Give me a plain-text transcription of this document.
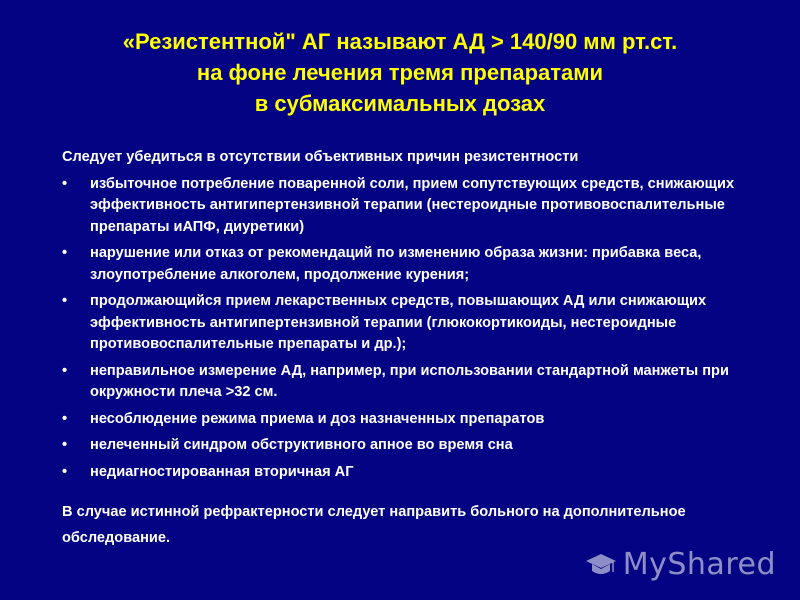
«Резистентной" АГ называют АД > 140/90 мм рт.ст.
на фоне лечения тремя препаратами
в субмаксимальных дозах
Следует убедиться в отсутствии объективных причин резистентности
•	избыточное потребление поваренной соли, прием сопутствующих средств, снижающих эффективность антигипертензивной терапии (нестероидные противовоспалительные препараты иАПФ, диуретики)
•	нарушение или отказ от рекомендаций по изменению образа жизни: прибавка веса, злоупотребление алкоголем, продолжение курения;
•	продолжающийся прием лекарственных средств, повышающих АД или снижающих эффективность антигипертензивной терапии (глюкокортикоиды, нестероидные противовоспалительные препараты и др.);
•	неправильное измерение АД, например, при использовании стандартной манжеты при окружности плеча >32 см.
•	несоблюдение режима приема и доз назначенных препаратов
•	нелеченный синдром обструктивного апное во время сна
•	недиагностированная вторичная АГ
В случае истинной рефрактерности следует направить больного на дополнительное обследование.
MyShared
